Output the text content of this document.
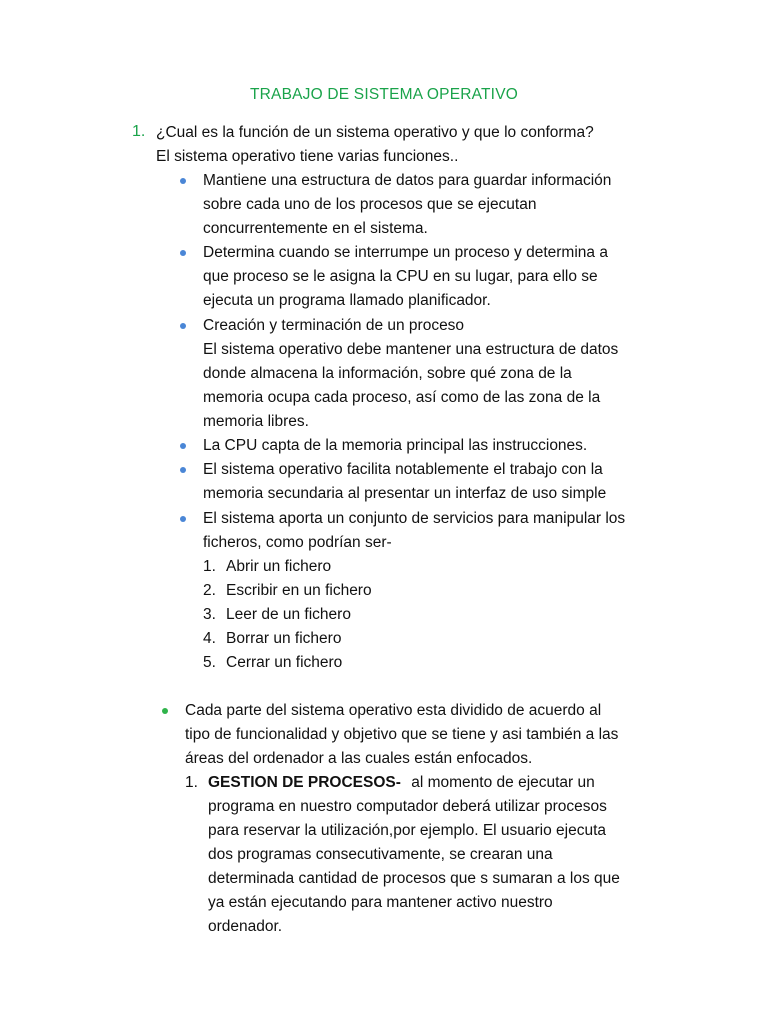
TRABAJO DE SISTEMA OPERATIVO
1. ¿Cual es la función de un sistema operativo y que lo conforma?
El sistema operativo tiene varias funciones..
Mantiene una estructura de datos para guardar información
sobre cada uno de los procesos que se ejecutan
concurrentemente en el sistema.
Determina cuando se interrumpe un proceso y determina a
que proceso se le asigna la CPU en su lugar, para ello se
ejecuta un programa llamado planificador.
Creación y terminación de un proceso
El sistema operativo debe mantener una estructura de datos
donde almacena la información, sobre qué zona de la
memoria ocupa cada proceso, así como de las zona de la
memoria libres.
La CPU capta de la memoria principal las instrucciones.
El sistema operativo facilita notablemente el trabajo con la
memoria secundaria al presentar un interfaz de uso simple
El sistema aporta un conjunto de servicios para manipular los
ficheros, como podrían ser-
1. Abrir un fichero
2. Escribir en un fichero
3. Leer de un fichero
4. Borrar un fichero
5. Cerrar un fichero
Cada parte del sistema operativo esta dividido de acuerdo al
tipo de funcionalidad y objetivo que se tiene y asi también a las
áreas del ordenador a las cuales están enfocados.
1. GESTION DE PROCESOS- al momento de ejecutar un
programa en nuestro computador deberá utilizar procesos
para reservar la utilización,por ejemplo. El usuario ejecuta
dos programas consecutivamente, se crearan una
determinada cantidad de procesos que s sumaran a los que
ya están ejecutando para mantener activo nuestro
ordenador.
